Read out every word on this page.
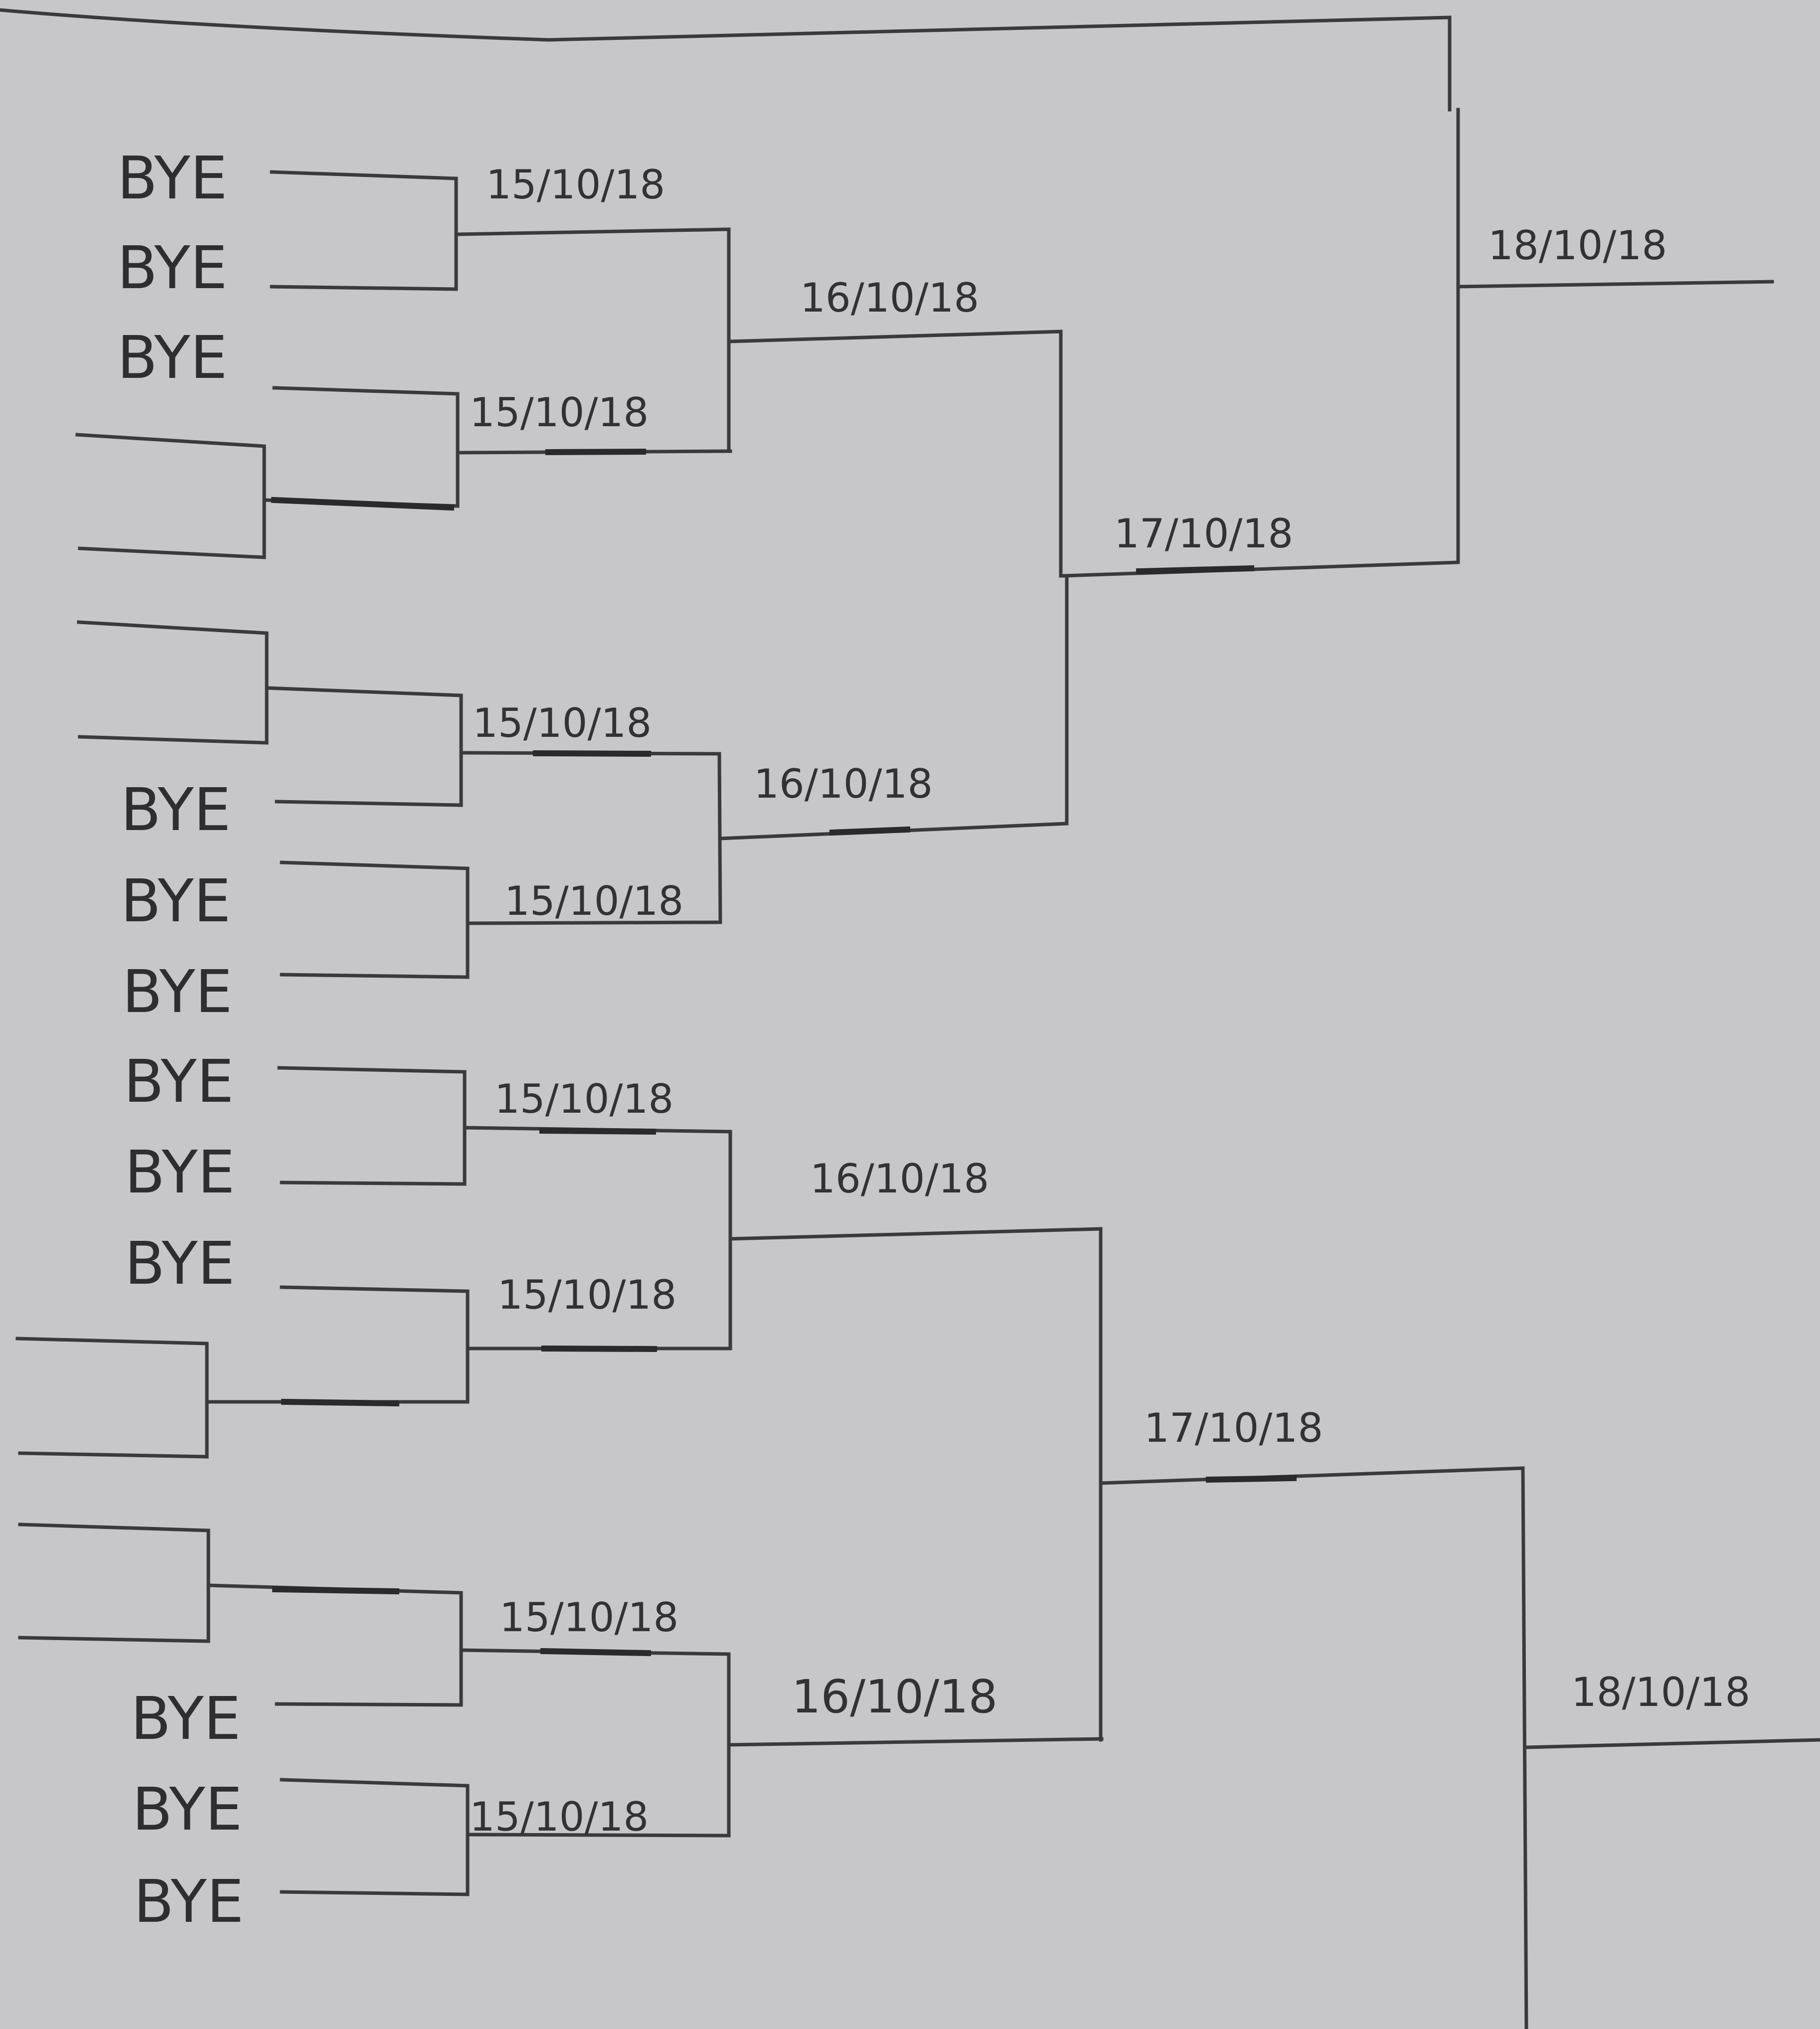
BYE
BYE
BYE
BYE
BYE
BYE
BYE
BYE
BYE
BYE
BYE
BYE
15/10/18
15/10/18
15/10/18
15/10/18
15/10/18
15/10/18
15/10/18
15/10/18
16/10/18
16/10/18
16/10/18
16/10/18
17/10/18
17/10/18
18/10/18
18/10/18
